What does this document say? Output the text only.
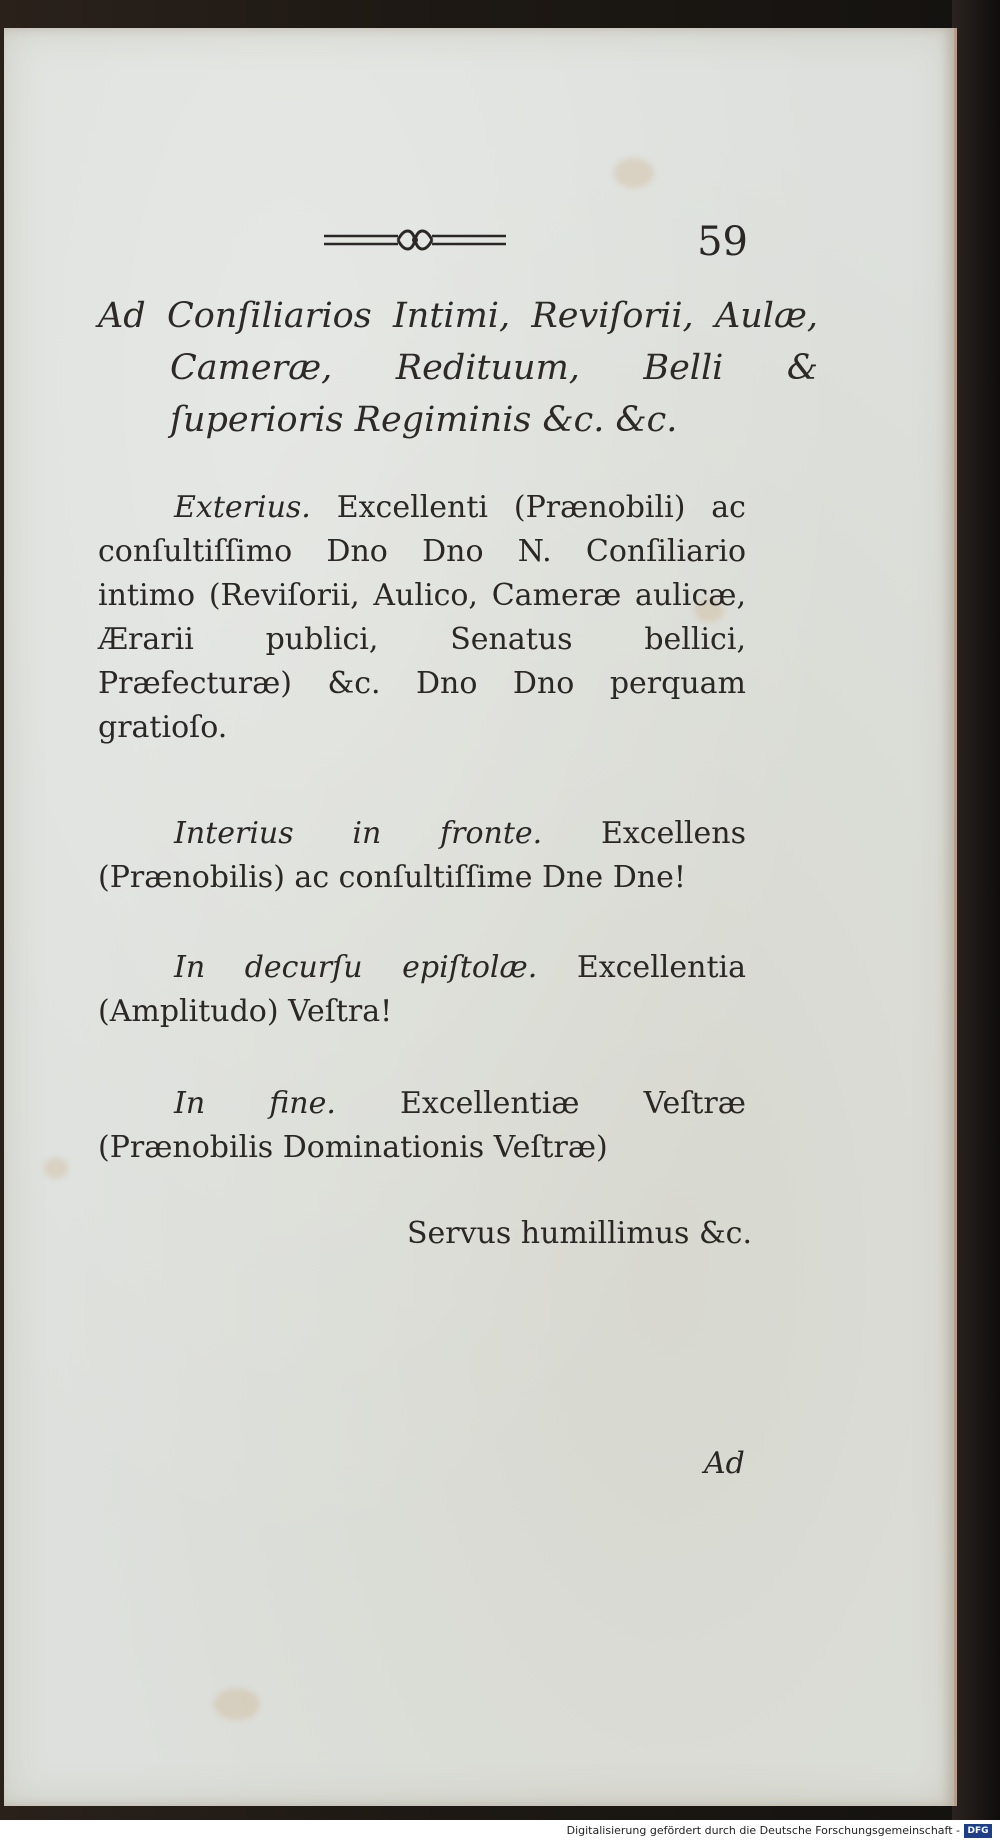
59
Ad Conſiliarios Intimi, Reviſorii, Aulæ, Cameræ, Redituum, Belli & ſuperioris Regiminis &c. &c.
Exterius. Excellenti (Prænobili) ac conſultiſſimo Dno Dno N. Conſiliario intimo (Reviſorii, Aulico, Cameræ aulicæ, Ærarii publici, Senatus bellici, Præfecturæ) &c. Dno Dno perquam gratioſo.
Interius in fronte. Excellens (Prænobilis) ac conſultiſſime Dne Dne!
In decurſu epiſtolæ. Excellentia (Amplitudo) Veſtra!
In fine. Excellentiæ Veſtræ (Prænobilis Dominationis Veſtræ)
Servus humillimus &c.
Ad
Digitalisierung gefördert durch die Deutsche Forschungsgemeinschaft - DFG
